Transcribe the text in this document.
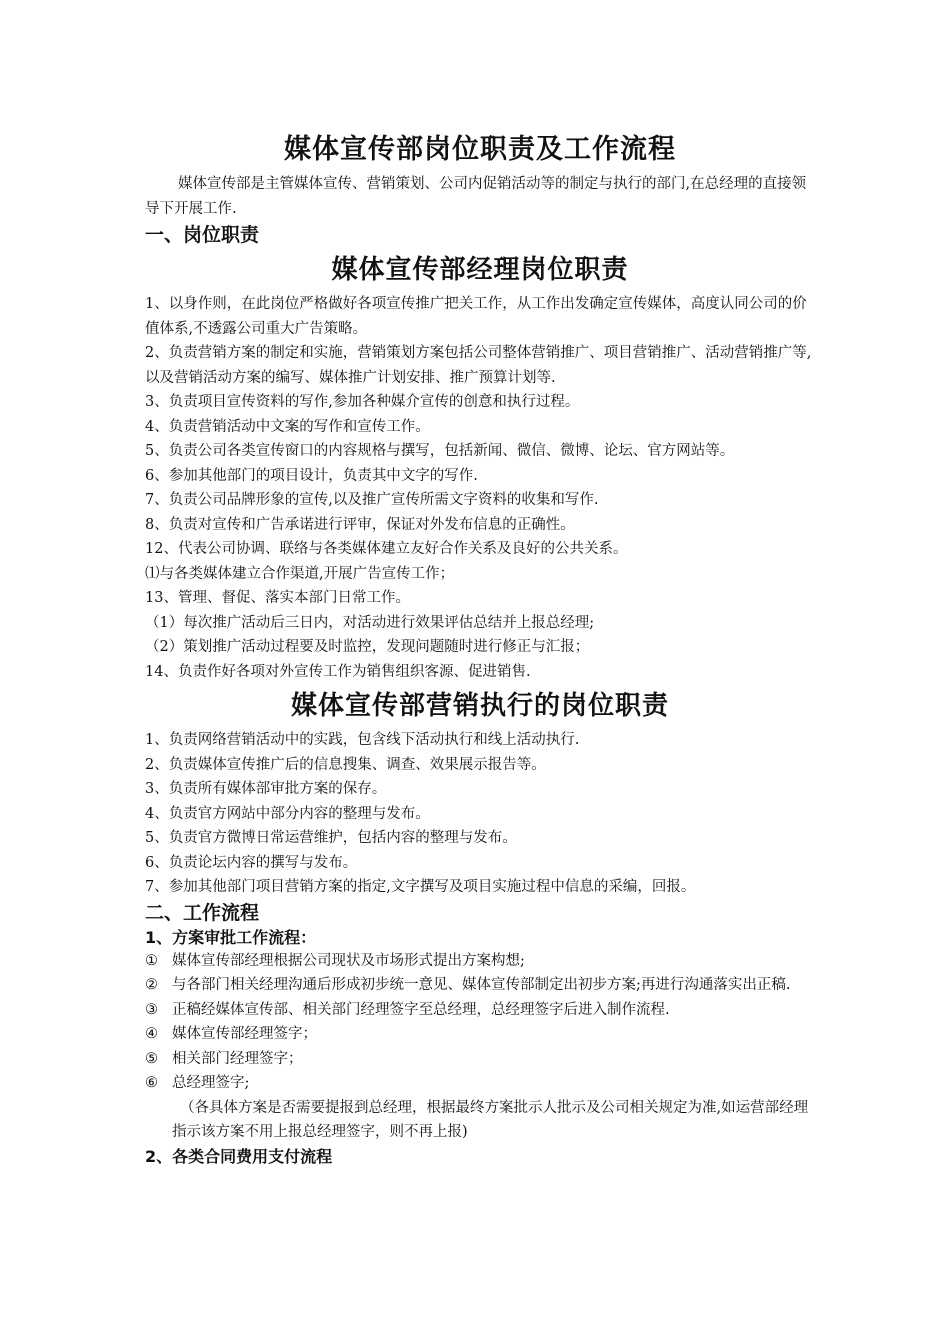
媒体宣传部岗位职责及工作流程

媒体宣传部是主管媒体宣传、营销策划、公司内促销活动等的制定与执行的部门,在总经理的直接领导下开展工作.

一、岗位职责
媒体宣传部经理岗位职责

1、以身作则，在此岗位严格做好各项宣传推广把关工作，从工作出发确定宣传媒体，高度认同公司的价值体系,不透露公司重大广告策略。

2、负责营销方案的制定和实施，营销策划方案包括公司整体营销推广、项目营销推广、活动营销推广等,以及营销活动方案的编写、媒体推广计划安排、推广预算计划等.

3、负责项目宣传资料的写作,参加各种媒介宣传的创意和执行过程。

4、负责营销活动中文案的写作和宣传工作。

5、负责公司各类宣传窗口的内容规格与撰写，包括新闻、微信、微博、论坛、官方网站等。

6、参加其他部门的项目设计，负责其中文字的写作.

7、负责公司品牌形象的宣传,以及推广宣传所需文字资料的收集和写作.

8、负责对宣传和广告承诺进行评审，保证对外发布信息的正确性。

12、代表公司协调、联络与各类媒体建立友好合作关系及良好的公共关系。

⑴与各类媒体建立合作渠道,开展广告宣传工作；

13、管理、督促、落实本部门日常工作。

（1）每次推广活动后三日内，对活动进行效果评估总结并上报总经理;

（2）策划推广活动过程要及时监控，发现问题随时进行修正与汇报；

14、负责作好各项对外宣传工作为销售组织客源、促进销售.

媒体宣传部营销执行的岗位职责

1、负责网络营销活动中的实践，包含线下活动执行和线上活动执行.

2、负责媒体宣传推广后的信息搜集、调查、效果展示报告等。

3、负责所有媒体部审批方案的保存。

4、负责官方网站中部分内容的整理与发布。

5、负责官方微博日常运营维护，包括内容的整理与发布。

6、负责论坛内容的撰写与发布。

7、参加其他部门项目营销方案的指定,文字撰写及项目实施过程中信息的采编，回报。

二、工作流程
1、方案审批工作流程：
① 媒体宣传部经理根据公司现状及市场形式提出方案构想;
② 与各部门相关经理沟通后形成初步统一意见、媒体宣传部制定出初步方案;再进行沟通落实出正稿.
③ 正稿经媒体宣传部、相关部门经理签字至总经理，总经理签字后进入制作流程.
④ 媒体宣传部经理签字；
⑤ 相关部门经理签字；
⑥ 总经理签字;

（各具体方案是否需要提报到总经理，根据最终方案批示人批示及公司相关规定为准,如运营部经理指示该方案不用上报总经理签字，则不再上报)

2、各类合同费用支付流程
